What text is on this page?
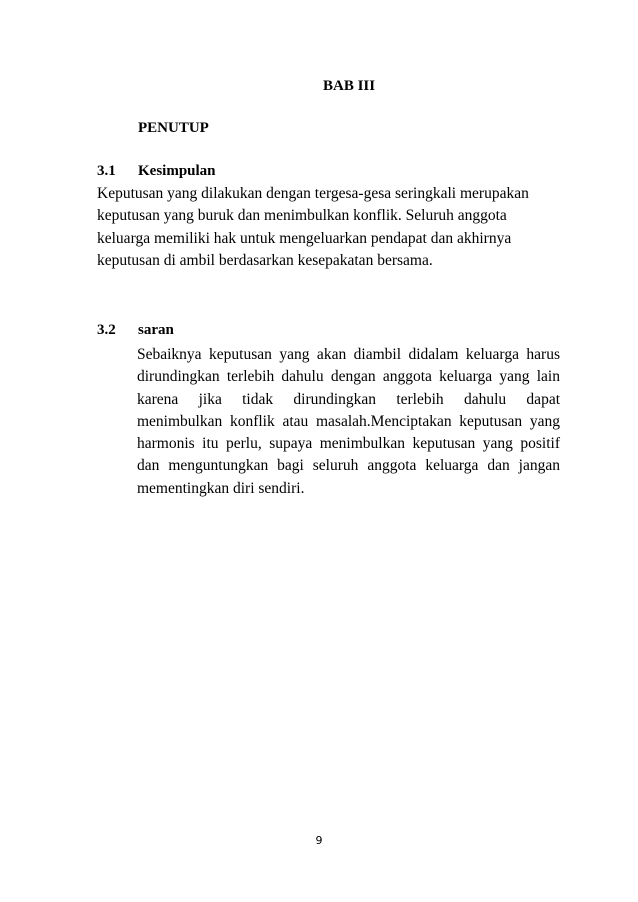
BAB III
PENUTUP
3.1 Kesimpulan
Keputusan yang dilakukan dengan tergesa-gesa seringkali merupakan
keputusan yang buruk dan menimbulkan konflik. Seluruh anggota
keluarga memiliki hak untuk mengeluarkan pendapat dan akhirnya
keputusan di ambil berdasarkan kesepakatan bersama.
3.2 saran
Sebaiknya keputusan yang akan diambil didalam keluarga harus
dirundingkan terlebih dahulu dengan anggota keluarga yang lain
karena jika tidak dirundingkan terlebih dahulu dapat
menimbulkan konflik atau masalah.Menciptakan keputusan yang
harmonis itu perlu, supaya menimbulkan keputusan yang positif
dan menguntungkan bagi seluruh anggota keluarga dan jangan
mementingkan diri sendiri.
9
